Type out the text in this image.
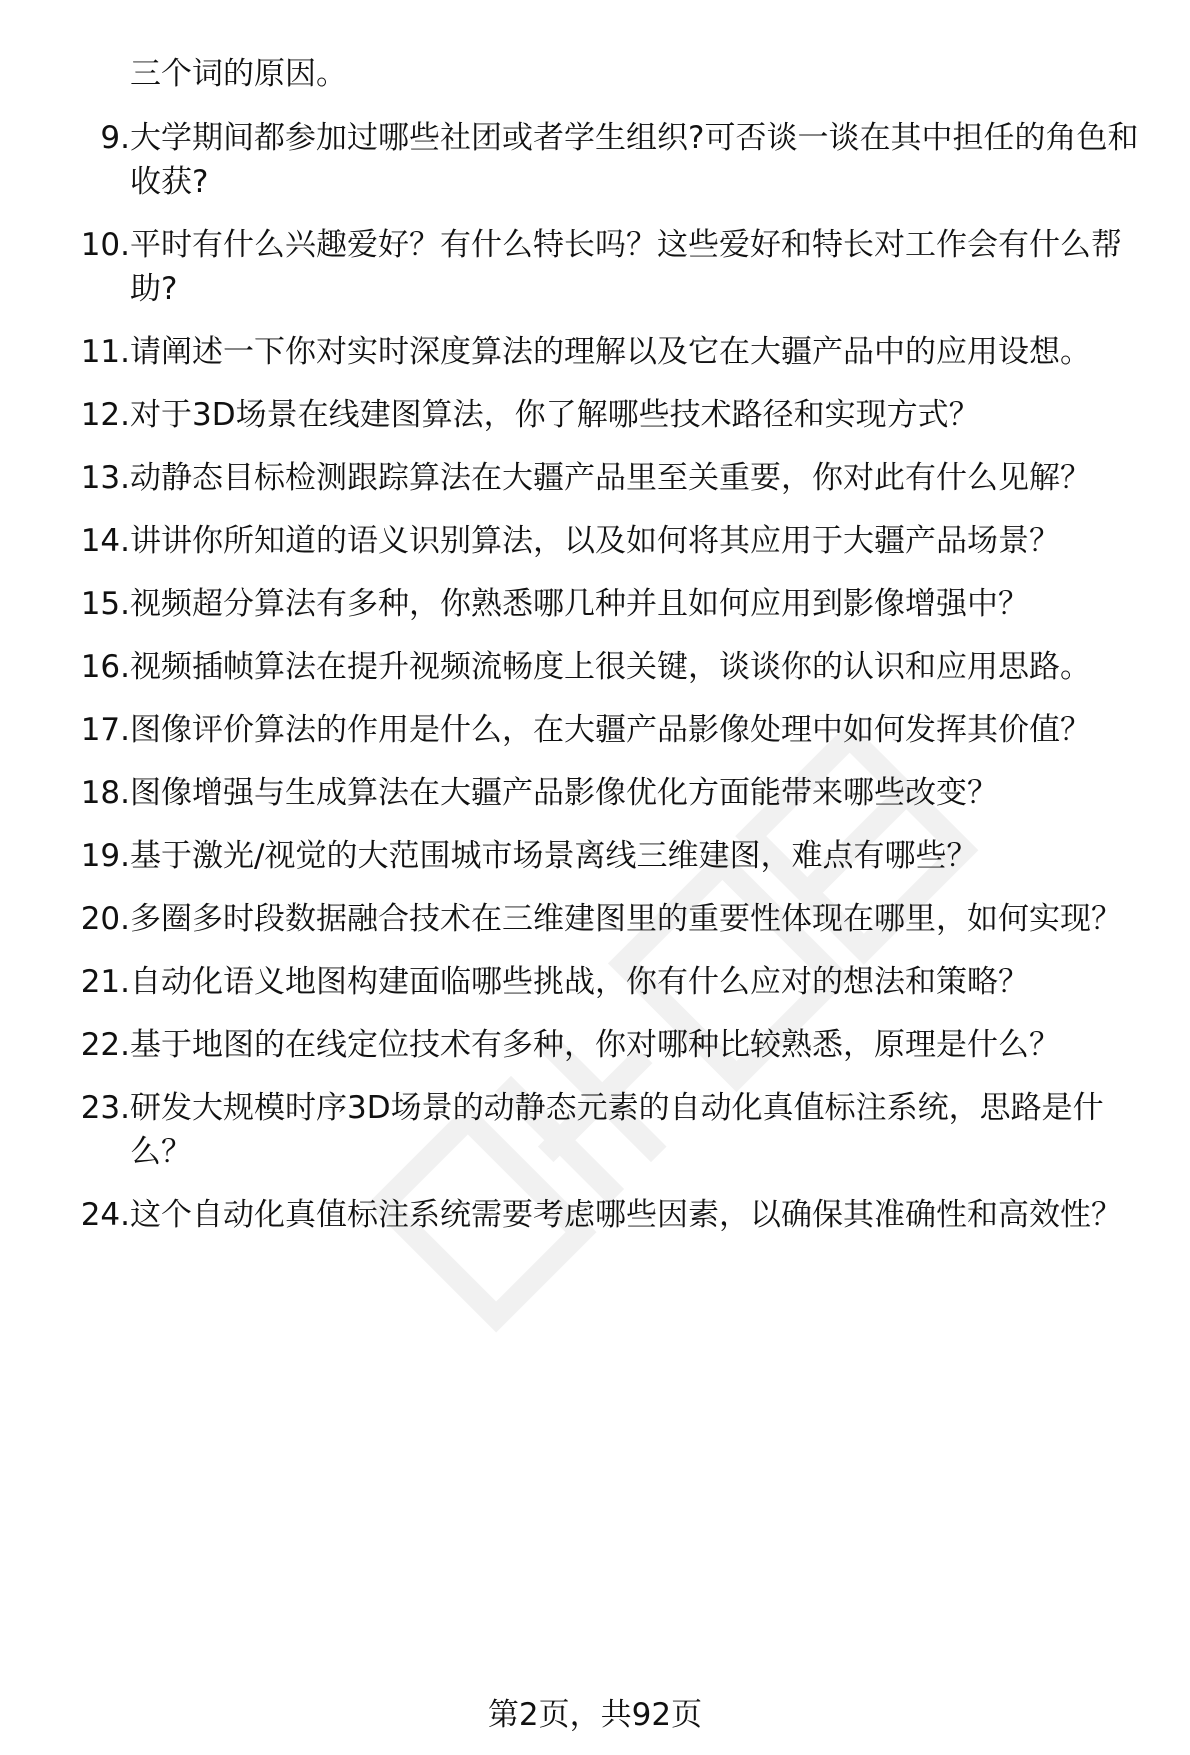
三个词的原因。

9. 大学期间都参加过哪些社团或者学生组织?可否谈一谈在其中担任的角色和收获?
10. 平时有什么兴趣爱好？有什么特长吗？这些爱好和特长对工作会有什么帮助?
11. 请阐述一下你对实时深度算法的理解以及它在大疆产品中的应用设想。
12. 对于3D场景在线建图算法，你了解哪些技术路径和实现方式？
13. 动静态目标检测跟踪算法在大疆产品里至关重要，你对此有什么见解？
14. 讲讲你所知道的语义识别算法，以及如何将其应用于大疆产品场景？
15. 视频超分算法有多种，你熟悉哪几种并且如何应用到影像增强中？
16. 视频插帧算法在提升视频流畅度上很关键，谈谈你的认识和应用思路。
17. 图像评价算法的作用是什么，在大疆产品影像处理中如何发挥其价值？
18. 图像增强与生成算法在大疆产品影像优化方面能带来哪些改变？
19. 基于激光/视觉的大范围城市场景离线三维建图，难点有哪些？
20. 多圈多时段数据融合技术在三维建图里的重要性体现在哪里，如何实现？
21. 自动化语义地图构建面临哪些挑战，你有什么应对的想法和策略？
22. 基于地图的在线定位技术有多种，你对哪种比较熟悉，原理是什么？
23. 研发大规模时序3D场景的动静态元素的自动化真值标注系统，思路是什么？
24. 这个自动化真值标注系统需要考虑哪些因素，以确保其准确性和高效性？
第2页，共92页
